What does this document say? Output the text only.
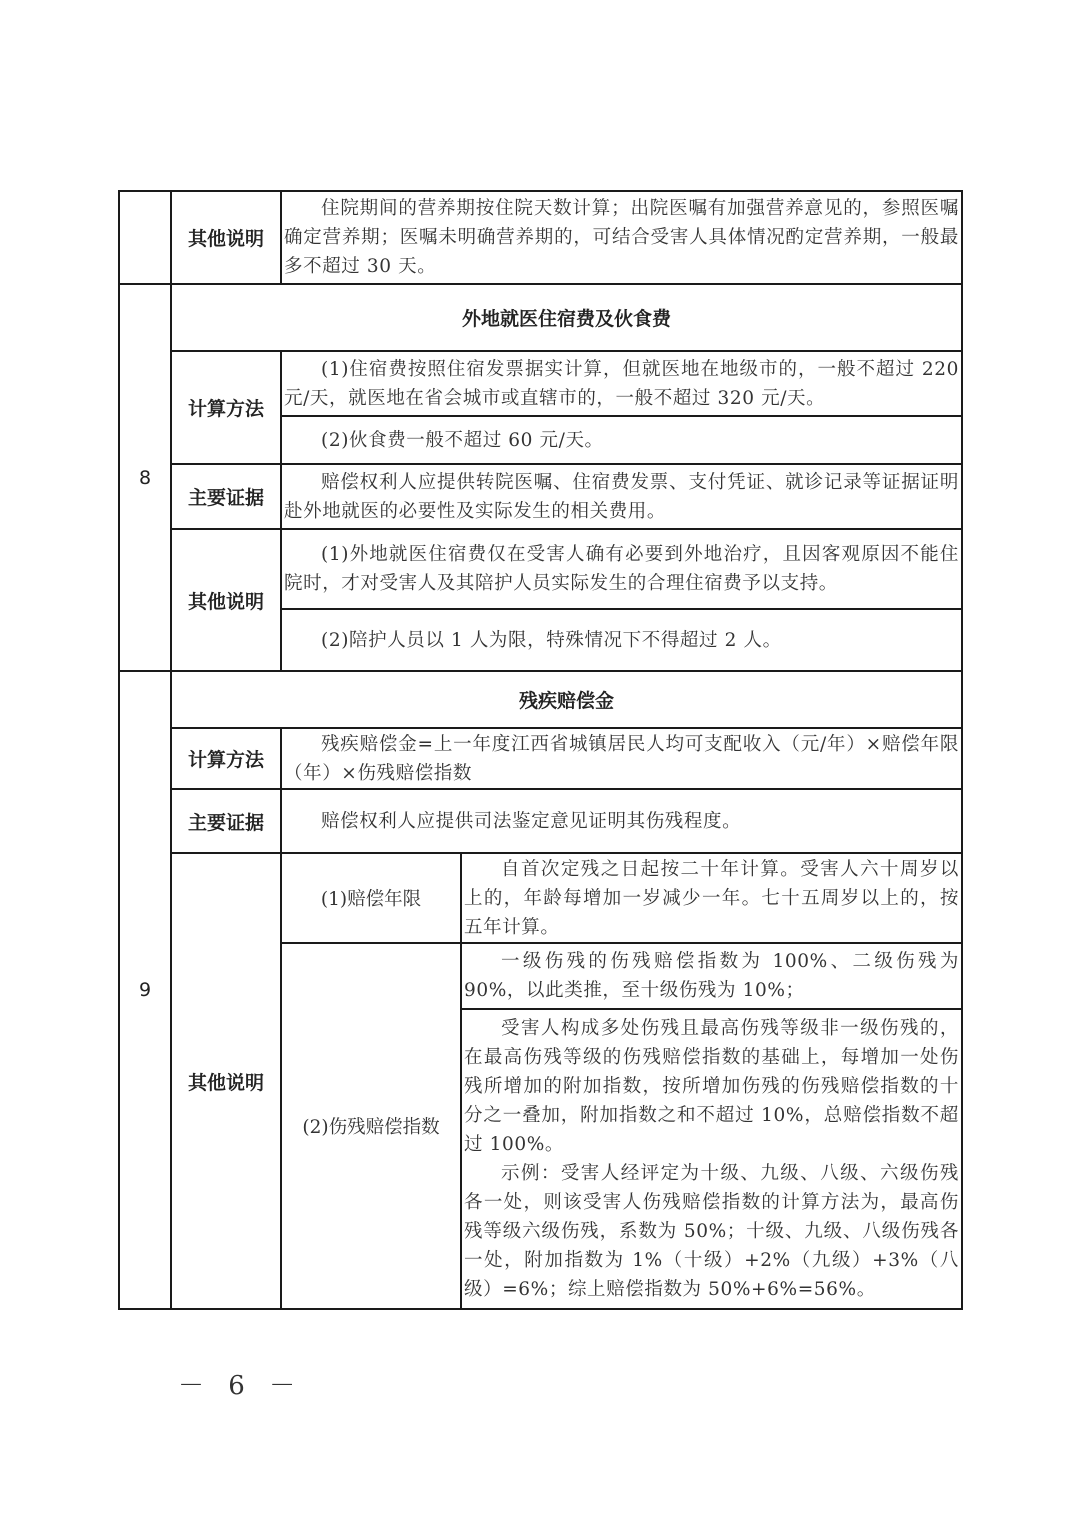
其他说明

住院期间的营养期按住院天数计算；出院医嘱有加强营养意见的，参照医嘱确定营养期；医嘱未明确营养期的，可结合受害人具体情况酌定营养期，一般最多不超过 30 天。

8
外地就医住宿费及伙食费
计算方法

(1)住宿费按照住宿发票据实计算，但就医地在地级市的，一般不超过 220 元/天，就医地在省会城市或直辖市的，一般不超过 320 元/天。

(2)伙食费一般不超过 60 元/天。

主要证据

赔偿权利人应提供转院医嘱、住宿费发票、支付凭证、就诊记录等证据证明赴外地就医的必要性及实际发生的相关费用。

其他说明

(1)外地就医住宿费仅在受害人确有必要到外地治疗，且因客观原因不能住院时，才对受害人及其陪护人员实际发生的合理住宿费予以支持。

(2)陪护人员以 1 人为限，特殊情况下不得超过 2 人。

9
残疾赔偿金
计算方法

残疾赔偿金=上一年度江西省城镇居民人均可支配收入（元/年）×赔偿年限（年）×伤残赔偿指数

主要证据	赔偿权利人应提供司法鉴定意见证明其伤残程度。

其他说明
(1)赔偿年限

自首次定残之日起按二十年计算。受害人六十周岁以上的，年龄每增加一岁减少一年。七十五周岁以上的，按五年计算。

(2)伤残赔偿指数

一级伤残的伤残赔偿指数为 100%、二级伤残为 90%，以此类推，至十级伤残为 10%；

受害人构成多处伤残且最高伤残等级非一级伤残的，在最高伤残等级的伤残赔偿指数的基础上，每增加一处伤残所增加的附加指数，按所增加伤残的伤残赔偿指数的十分之一叠加，附加指数之和不超过 10%，总赔偿指数不超过 100%。

示例：受害人经评定为十级、九级、八级、六级伤残各一处，则该受害人伤残赔偿指数的计算方法为，最高伤残等级六级伤残，系数为 50%；十级、九级、八级伤残各一处，附加指数为 1%（十级）+2%（九级）+3%（八级）=6%；综上赔偿指数为 50%+6%=56%。

－ 6 －
